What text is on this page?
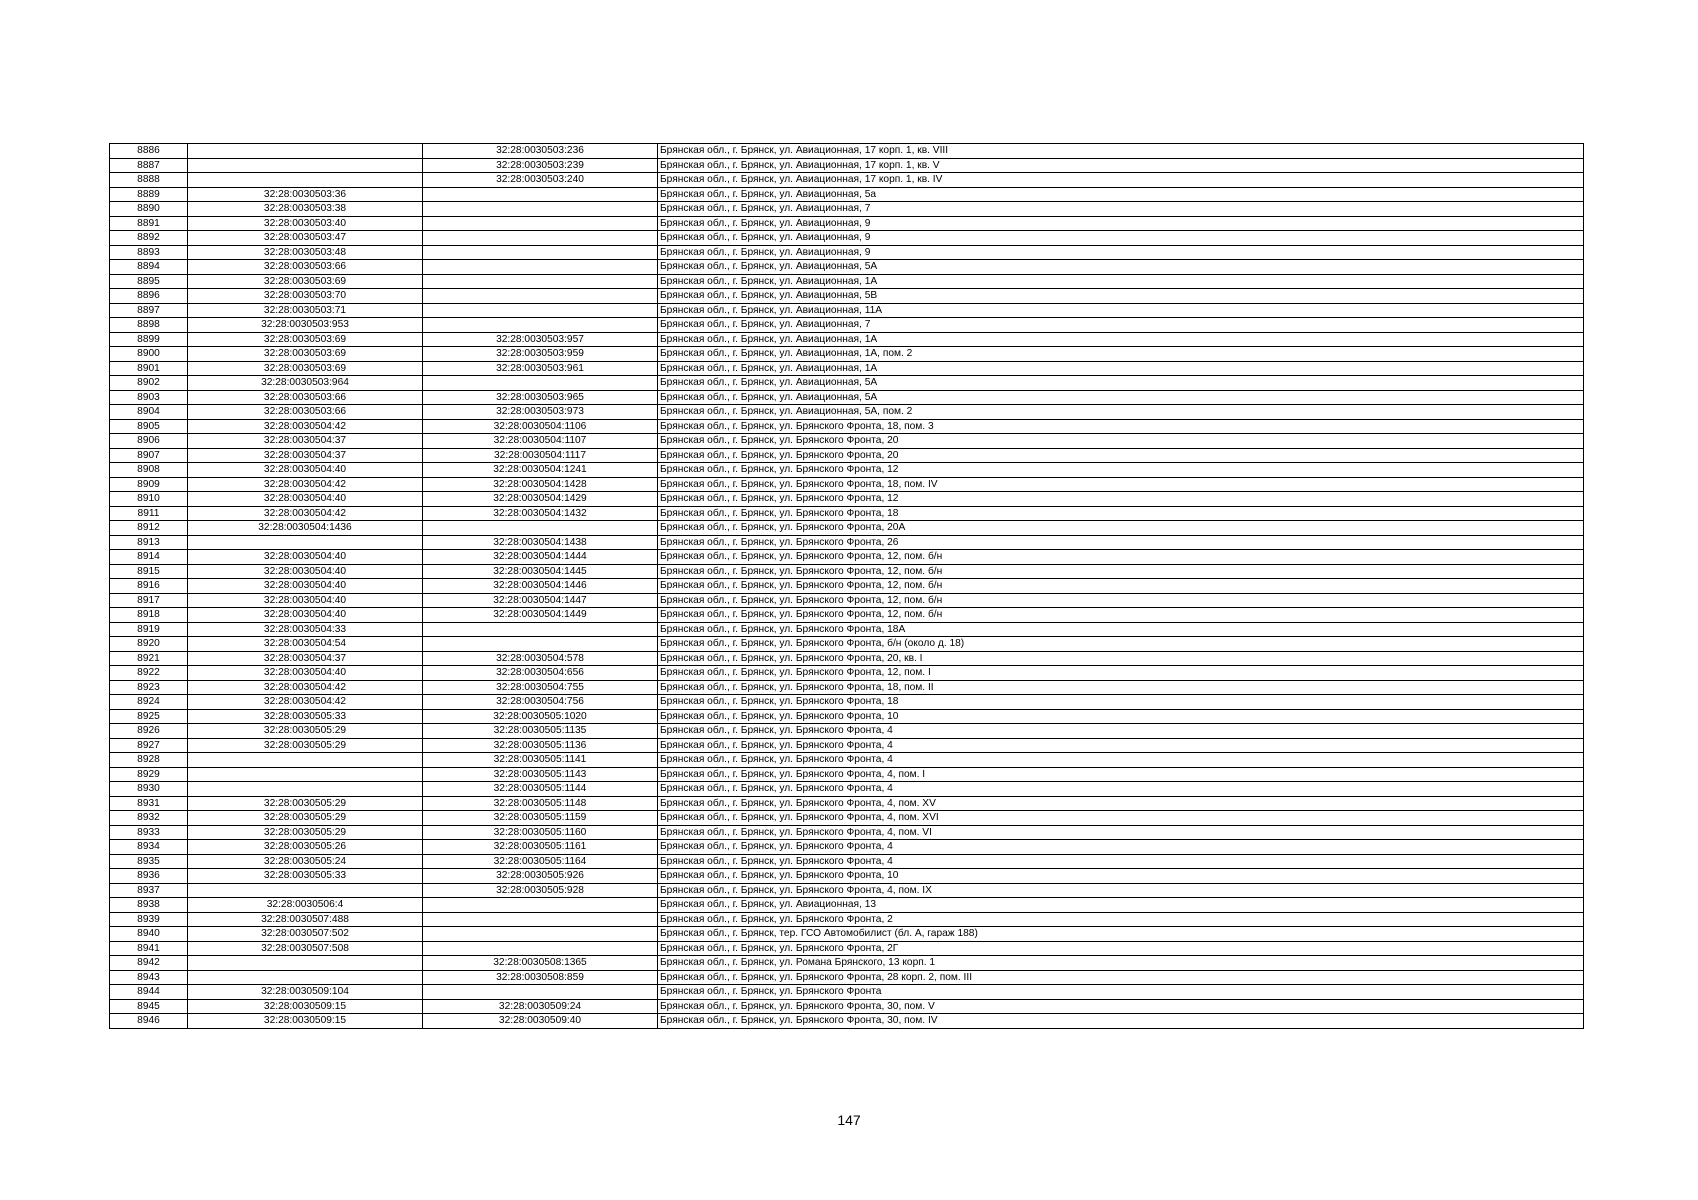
8886		32:28:0030503:236	Брянская обл., г. Брянск, ул. Авиационная, 17 корп. 1, кв. VIII
8887		32:28:0030503:239	Брянская обл., г. Брянск, ул. Авиационная, 17 корп. 1, кв. V
8888		32:28:0030503:240	Брянская обл., г. Брянск, ул. Авиационная, 17 корп. 1, кв. IV
8889	32:28:0030503:36		Брянская обл., г. Брянск, ул. Авиационная, 5а
8890	32:28:0030503:38		Брянская обл., г. Брянск, ул. Авиационная, 7
8891	32:28:0030503:40		Брянская обл., г. Брянск, ул. Авиационная, 9
8892	32:28:0030503:47		Брянская обл., г. Брянск, ул. Авиационная, 9
8893	32:28:0030503:48		Брянская обл., г. Брянск, ул. Авиационная, 9
8894	32:28:0030503:66		Брянская обл., г. Брянск, ул. Авиационная, 5А
8895	32:28:0030503:69		Брянская обл., г. Брянск, ул. Авиационная, 1А
8896	32:28:0030503:70		Брянская обл., г. Брянск, ул. Авиационная, 5В
8897	32:28:0030503:71		Брянская обл., г. Брянск, ул. Авиационная, 11А
8898	32:28:0030503:953		Брянская обл., г. Брянск, ул. Авиационная, 7
8899	32:28:0030503:69	32:28:0030503:957	Брянская обл., г. Брянск, ул. Авиационная, 1А
8900	32:28:0030503:69	32:28:0030503:959	Брянская обл., г. Брянск, ул. Авиационная, 1А, пом. 2
8901	32:28:0030503:69	32:28:0030503:961	Брянская обл., г. Брянск, ул. Авиационная, 1А
8902	32:28:0030503:964		Брянская обл., г. Брянск, ул. Авиационная, 5А
8903	32:28:0030503:66	32:28:0030503:965	Брянская обл., г. Брянск, ул. Авиационная, 5А
8904	32:28:0030503:66	32:28:0030503:973	Брянская обл., г. Брянск, ул. Авиационная, 5А, пом. 2
8905	32:28:0030504:42	32:28:0030504:1106	Брянская обл., г. Брянск, ул. Брянского Фронта, 18, пом. 3
8906	32:28:0030504:37	32:28:0030504:1107	Брянская обл., г. Брянск, ул. Брянского Фронта, 20
8907	32:28:0030504:37	32:28:0030504:1117	Брянская обл., г. Брянск, ул. Брянского Фронта, 20
8908	32:28:0030504:40	32:28:0030504:1241	Брянская обл., г. Брянск, ул. Брянского Фронта, 12
8909	32:28:0030504:42	32:28:0030504:1428	Брянская обл., г. Брянск, ул. Брянского Фронта, 18, пом. IV
8910	32:28:0030504:40	32:28:0030504:1429	Брянская обл., г. Брянск, ул. Брянского Фронта, 12
8911	32:28:0030504:42	32:28:0030504:1432	Брянская обл., г. Брянск, ул. Брянского Фронта, 18
8912	32:28:0030504:1436		Брянская обл., г. Брянск, ул. Брянского Фронта, 20А
8913		32:28:0030504:1438	Брянская обл., г. Брянск, ул. Брянского Фронта, 26
8914	32:28:0030504:40	32:28:0030504:1444	Брянская обл., г. Брянск, ул. Брянского Фронта, 12, пом. б/н
8915	32:28:0030504:40	32:28:0030504:1445	Брянская обл., г. Брянск, ул. Брянского Фронта, 12, пом. б/н
8916	32:28:0030504:40	32:28:0030504:1446	Брянская обл., г. Брянск, ул. Брянского Фронта, 12, пом. б/н
8917	32:28:0030504:40	32:28:0030504:1447	Брянская обл., г. Брянск, ул. Брянского Фронта, 12, пом. б/н
8918	32:28:0030504:40	32:28:0030504:1449	Брянская обл., г. Брянск, ул. Брянского Фронта, 12, пом. б/н
8919	32:28:0030504:33		Брянская обл., г. Брянск, ул. Брянского Фронта, 18А
8920	32:28:0030504:54		Брянская обл., г. Брянск, ул. Брянского Фронта, б/н (около д. 18)
8921	32:28:0030504:37	32:28:0030504:578	Брянская обл., г. Брянск, ул. Брянского Фронта, 20, кв. I
8922	32:28:0030504:40	32:28:0030504:656	Брянская обл., г. Брянск, ул. Брянского Фронта, 12, пом. I
8923	32:28:0030504:42	32:28:0030504:755	Брянская обл., г. Брянск, ул. Брянского Фронта, 18, пом. II
8924	32:28:0030504:42	32:28:0030504:756	Брянская обл., г. Брянск, ул. Брянского Фронта, 18
8925	32:28:0030505:33	32:28:0030505:1020	Брянская обл., г. Брянск, ул. Брянского Фронта, 10
8926	32:28:0030505:29	32:28:0030505:1135	Брянская обл., г. Брянск, ул. Брянского Фронта, 4
8927	32:28:0030505:29	32:28:0030505:1136	Брянская обл., г. Брянск, ул. Брянского Фронта, 4
8928		32:28:0030505:1141	Брянская обл., г. Брянск, ул. Брянского Фронта, 4
8929		32:28:0030505:1143	Брянская обл., г. Брянск, ул. Брянского Фронта, 4, пом. I
8930		32:28:0030505:1144	Брянская обл., г. Брянск, ул. Брянского Фронта, 4
8931	32:28:0030505:29	32:28:0030505:1148	Брянская обл., г. Брянск, ул. Брянского Фронта, 4, пом. XV
8932	32:28:0030505:29	32:28:0030505:1159	Брянская обл., г. Брянск, ул. Брянского Фронта, 4, пом. XVI
8933	32:28:0030505:29	32:28:0030505:1160	Брянская обл., г. Брянск, ул. Брянского Фронта, 4, пом. VI
8934	32:28:0030505:26	32:28:0030505:1161	Брянская обл., г. Брянск, ул. Брянского Фронта, 4
8935	32:28:0030505:24	32:28:0030505:1164	Брянская обл., г. Брянск, ул. Брянского Фронта, 4
8936	32:28:0030505:33	32:28:0030505:926	Брянская обл., г. Брянск, ул. Брянского Фронта, 10
8937		32:28:0030505:928	Брянская обл., г. Брянск, ул. Брянского Фронта, 4, пом. IX
8938	32:28:0030506:4		Брянская обл., г. Брянск, ул. Авиационная, 13
8939	32:28:0030507:488		Брянская обл., г. Брянск, ул. Брянского Фронта, 2
8940	32:28:0030507:502		Брянская обл., г. Брянск, тер. ГСО Автомобилист (бл. А, гараж 188)
8941	32:28:0030507:508		Брянская обл., г. Брянск, ул. Брянского Фронта, 2Г
8942		32:28:0030508:1365	Брянская обл., г. Брянск, ул. Романа Брянского, 13 корп. 1
8943		32:28:0030508:859	Брянская обл., г. Брянск, ул. Брянского Фронта, 28 корп. 2, пом. III
8944	32:28:0030509:104		Брянская обл., г. Брянск, ул. Брянского Фронта
8945	32:28:0030509:15	32:28:0030509:24	Брянская обл., г. Брянск, ул. Брянского Фронта, 30, пом. V
8946	32:28:0030509:15	32:28:0030509:40	Брянская обл., г. Брянск, ул. Брянского Фронта, 30, пом. IV
147
